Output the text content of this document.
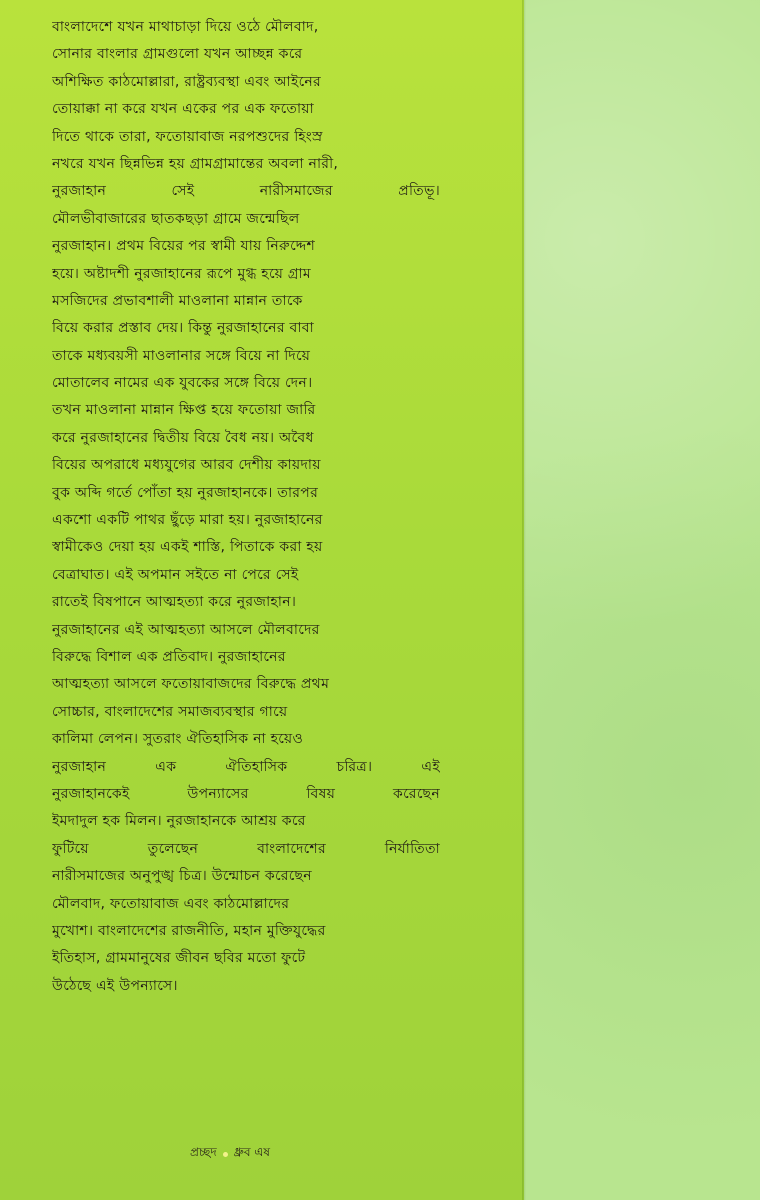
বাংলাদেশে যখন মাথাচাড়া দিয়ে ওঠে মৌলবাদ,
সোনার বাংলার গ্রামগুলো যখন আচ্ছন্ন করে
অশিক্ষিত কাঠমোল্লারা, রাষ্ট্রব্যবস্থা এবং আইনের
তোয়াক্কা না করে যখন একের পর এক ফতোয়া
দিতে থাকে তারা, ফতোয়াবাজ নরপশুদের হিংস্র
নখরে যখন ছিন্নভিন্ন হয় গ্রামগ্রামান্তের অবলা নারী,
নুরজাহান	সেই	নারীসমাজের	প্রতিভূ।
মৌলভীবাজারের ছাতকছড়া গ্রামে জন্মেছিল
নুরজাহান। প্রথম বিয়ের পর স্বামী যায় নিরুদ্দেশ
হয়ে। অষ্টাদশী নুরজাহানের রূপে মুগ্ধ হয়ে গ্রাম
মসজিদের প্রভাবশালী মাওলানা মান্নান তাকে
বিয়ে করার প্রস্তাব দেয়। কিন্তু নুরজাহানের বাবা
তাকে মধ্যবয়সী মাওলানার সঙ্গে বিয়ে না দিয়ে
মোতালেব নামের এক যুবকের সঙ্গে বিয়ে দেন।
তখন মাওলানা মান্নান ক্ষিপ্ত হয়ে ফতোয়া জারি
করে নুরজাহানের দ্বিতীয় বিয়ে বৈধ নয়। অবৈধ
বিয়ের অপরাধে মধ্যযুগের আরব দেশীয় কায়দায়
বুক অব্দি গর্তে পোঁতা হয় নুরজাহানকে। তারপর
একশো একটি পাথর ছুঁড়ে মারা হয়। নুরজাহানের
স্বামীকেও দেয়া হয় একই শাস্তি, পিতাকে করা হয়
বেত্রাঘাত। এই অপমান সইতে না পেরে সেই
রাতেই বিষপানে আত্মহত্যা করে নুরজাহান।
নুরজাহানের এই আত্মহত্যা আসলে মৌলবাদের
বিরুদ্ধে বিশাল এক প্রতিবাদ। নুরজাহানের
আত্মহত্যা আসলে ফতোয়াবাজদের বিরুদ্ধে প্রথম
সোচ্চার, বাংলাদেশের সমাজব্যবস্থার গায়ে
কালিমা লেপন। সুতরাং ঐতিহাসিক না হয়েও
নুরজাহান	এক	ঐতিহাসিক	চরিত্র।	এই
নুরজাহানকেই	উপন্যাসের	বিষয়	করেছেন
ইমদাদুল হক মিলন। নুরজাহানকে আশ্রয় করে
ফুটিয়ে	তুলেছেন	বাংলাদেশের	নির্যাতিতা
নারীসমাজের অনুপুঙ্খ চিত্র। উন্মোচন করেছেন
মৌলবাদ, ফতোয়াবাজ এবং কাঠমোল্লাদের
মুখোশ। বাংলাদেশের রাজনীতি, মহান মুক্তিযুদ্ধের
ইতিহাস, গ্রামমানুষের জীবন ছবির মতো ফুটে
উঠেছে এই উপন্যাসে।
প্রচ্ছদ ধ্রুব এষ
